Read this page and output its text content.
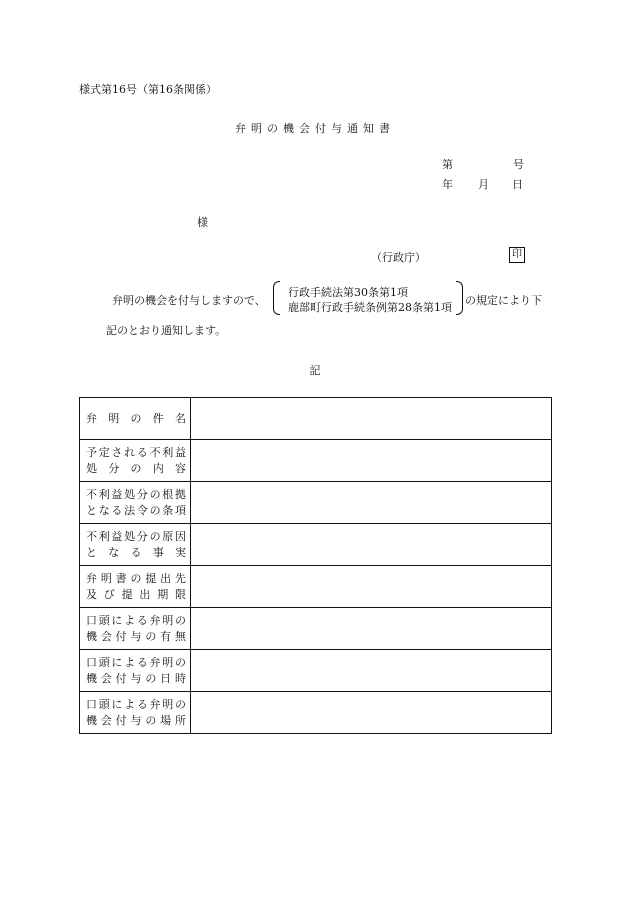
様式第16号（第16条関係）
弁明の機会付与通知書
第	号
年 月 日
様
（行政庁）	印
弁明の機会を付与しますので、
行政手続法第30条第1項
鹿部町行政手続条例第28条第1項
の規定により下
記のとおり通知します。
記
弁明の件名	

予定される不利益
処分の内容	

不利益処分の根拠
となる法令の条項	

不利益処分の原因
となる事実	

弁明書の提出先
及び提出期限	

口頭による弁明の
機会付与の有無	

口頭による弁明の
機会付与の日時	

口頭による弁明の
機会付与の場所	
